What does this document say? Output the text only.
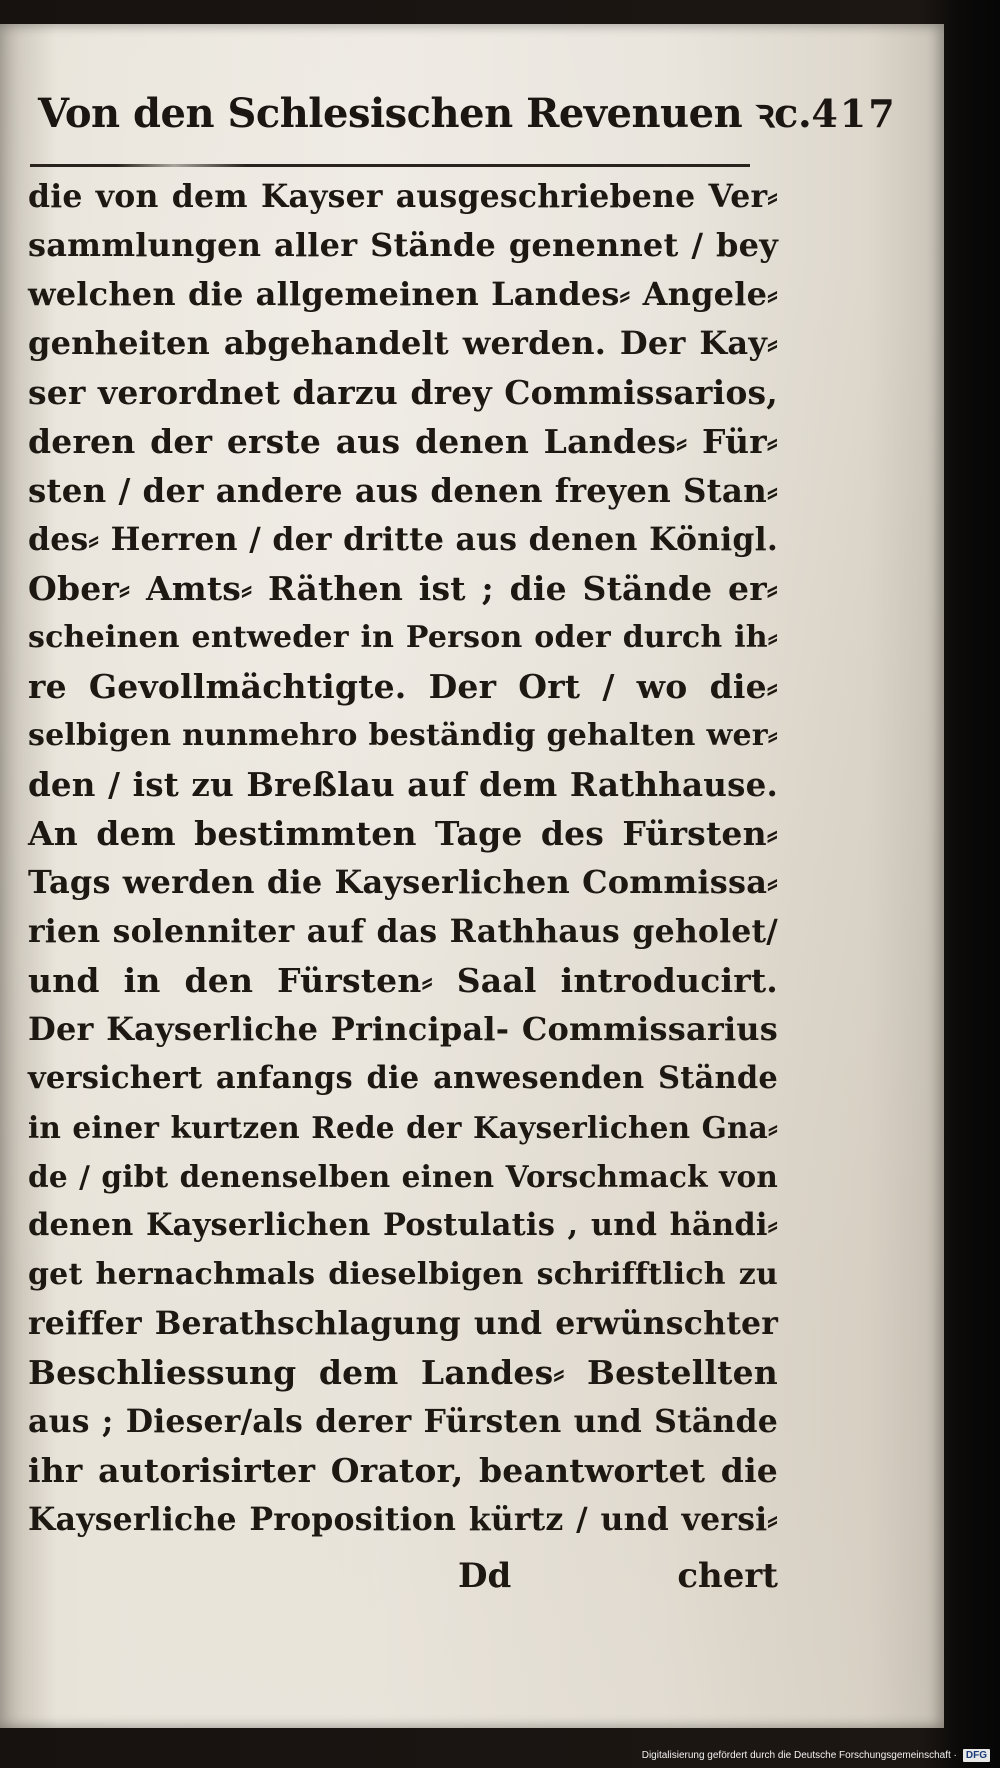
Von den Schlesischen Revenuen ꝛc. 417
die von dem Kayser ausgeschriebene Ver⸗
sammlungen aller Stände genennet / bey
welchen die allgemeinen Landes⸗ Angele⸗
genheiten abgehandelt werden. Der Kay⸗
ser verordnet darzu drey Commissarios,
deren der erste aus denen Landes⸗ Für⸗
sten / der andere aus denen freyen Stan⸗
des⸗ Herren / der dritte aus denen Königl.
Ober⸗ Amts⸗ Räthen ist ; die Stände er⸗
scheinen entweder in Person oder durch ih⸗
re Gevollmächtigte. Der Ort / wo die⸗
selbigen nunmehro beständig gehalten wer⸗
den / ist zu Breßlau auf dem Rathhause.
An dem bestimmten Tage des Fürsten⸗
Tags werden die Kayserlichen Commissa⸗
rien solenniter auf das Rathhaus geholet/
und in den Fürsten⸗ Saal introducirt.
Der Kayserliche Principal- Commissarius
versichert anfangs die anwesenden Stände
in einer kurtzen Rede der Kayserlichen Gna⸗
de / gibt denenselben einen Vorschmack von
denen Kayserlichen Postulatis , und händi⸗
get hernachmals dieselbigen schrifftlich zu
reiffer Berathschlagung und erwünschter
Beschliessung dem Landes⸗ Bestellten
aus ; Dieser/als derer Fürsten und Stände
ihr autorisirter Orator, beantwortet die
Kayserliche Proposition kürtz / und versi⸗
Dd	chert
Digitalisierung gefördert durch die Deutsche Forschungsgemeinschaft · DFG
